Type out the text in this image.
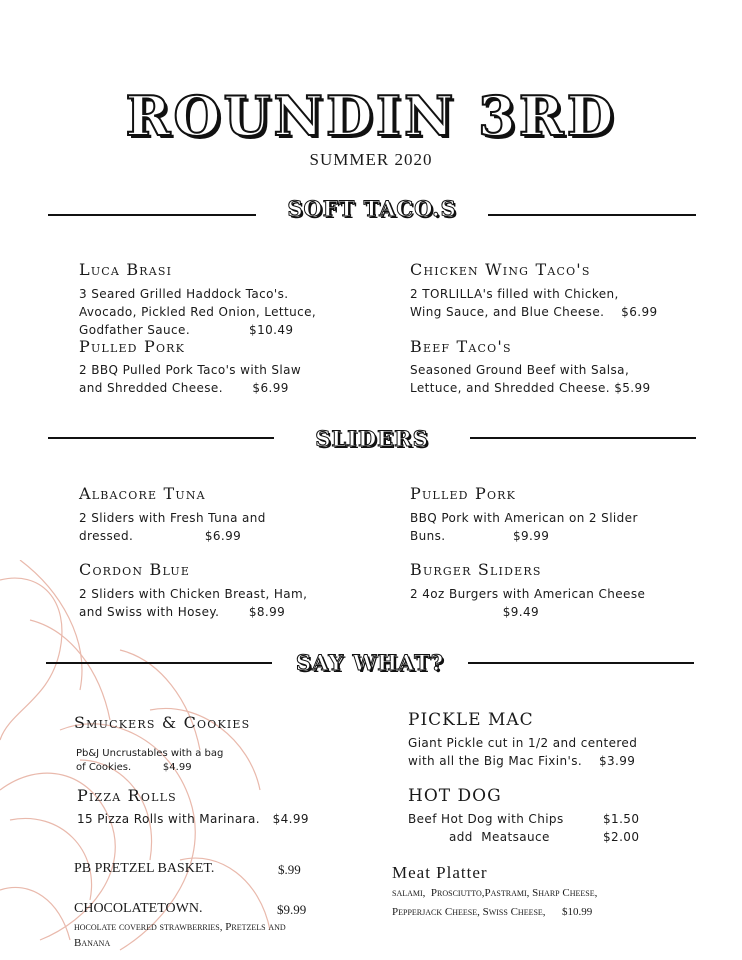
ROUNDIN 3RD
SUMMER 2020
SOFT TACO.S
Luca Brasi
3 Seared Grilled Haddock Taco's.
Avocado, Pickled Red Onion, Lettuce,
Godfather Sauce.              $10.49
Chicken Wing Taco's
2 TORLILLA's filled with Chicken,
Wing Sauce, and Blue Cheese.    $6.99
Pulled Pork
2 BBQ Pulled Pork Taco's with Slaw
and Shredded Cheese.       $6.99
Beef Taco's
Seasoned Ground Beef with Salsa,
Lettuce, and Shredded Cheese. $5.99
SLIDERS
Albacore Tuna
2 Sliders with Fresh Tuna and
dressed.                 $6.99
Pulled Pork
BBQ Pork with American on 2 Slider
Buns.                $9.99
Cordon Blue
2 Sliders with Chicken Breast, Ham,
and Swiss with Hosey.       $8.99
Burger Sliders
2 4oz Burgers with American Cheese
$9.49
SAY WHAT?
Smuckers & Cookies
Pb&J Uncrustables with a bag
of Cookies.          $4.99
Pizza Rolls
15 Pizza Rolls with Marinara.   $4.99
PB PRETZEL BASKET.	$.99
CHOCOLATETOWN.	$9.99
hocolate covered strawberries, Pretzels and
Banana
PICKLE MAC
Giant Pickle cut in 1/2 and centered
with all the Big Mac Fixin's.    $3.99
HOT DOG
Beef Hot Dog with Chips	$1.50
add  Meatsauce	$2.00
Meat Platter
salami,  Prosciutto,Pastrami, Sharp Cheese,
Pepperjack Cheese, Swiss Cheese,      $10.99
